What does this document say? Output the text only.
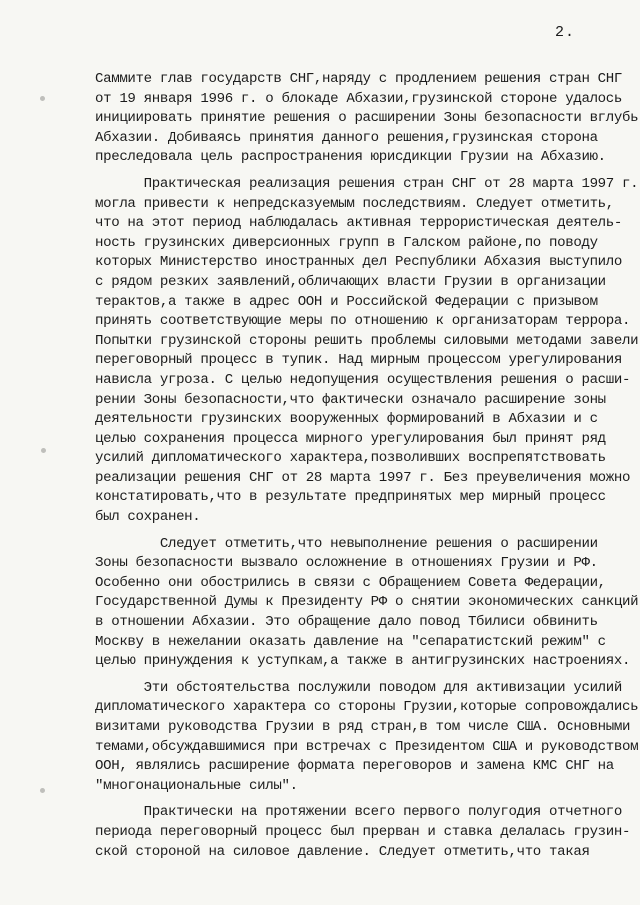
2.
Саммите глав государств СНГ,наряду с продлением решения стран СНГ
от 19 января 1996 г. о блокаде Абхазии,грузинской стороне удалось
инициировать принятие решения о расширении Зоны безопасности вглубь
Абхазии. Добиваясь принятия данного решения,грузинская сторона
преследовала цель распространения юрисдикции Грузии на Абхазию.
Практическая реализация решения стран СНГ от 28 марта 1997 г.
могла привести к непредсказуемым последствиям. Следует отметить,
что на этот период наблюдалась активная террористическая деятель-
ность грузинских диверсионных групп в Галском районе,по поводу
которых Министерство иностранных дел Республики Абхазия выступило
с рядом резких заявлений,обличающих власти Грузии в организации
терактов,а также в адрес ООН и Российской Федерации с призывом
принять соответствующие меры по отношению к организаторам террора.
Попытки грузинской стороны решить проблемы силовыми методами завели
переговорный процесс в тупик. Над мирным процессом урегулирования
нависла угроза. С целью недопущения осуществления решения о расши-
рении Зоны безопасности,что фактически означало расширение зоны
деятельности грузинских вооруженных формирований в Абхазии и с
целью сохранения процесса мирного урегулирования был принят ряд
усилий дипломатического характера,позволивших воспрепятствовать
реализации решения СНГ от 28 марта 1997 г. Без преувеличения можно
констатировать,что в результате предпринятых мер мирный процесс
был сохранен.
Следует отметить,что невыполнение решения о расширении
Зоны безопасности вызвало осложнение в отношениях Грузии и РФ.
Особенно они обострились в связи с Обращением Совета Федерации,
Государственной Думы к Президенту РФ о снятии экономических санкций
в отношении Абхазии. Это обращение дало повод Тбилиси обвинить
Москву в нежелании оказать давление на "сепаратистский режим" с
целью принуждения к уступкам,а также в антигрузинских настроениях.
Эти обстоятельства послужили поводом для активизации усилий
дипломатического характера со стороны Грузии,которые сопровождались
визитами руководства Грузии в ряд стран,в том числе США. Основными
темами,обсуждавшимися при встречах с Президентом США и руководством
ООН, являлись расширение формата переговоров и замена КМС СНГ на
"многонациональные силы".
Практически на протяжении всего первого полугодия отчетного
периода переговорный процесс был прерван и ставка делалась грузин-
ской стороной на силовое давление. Следует отметить,что такая
